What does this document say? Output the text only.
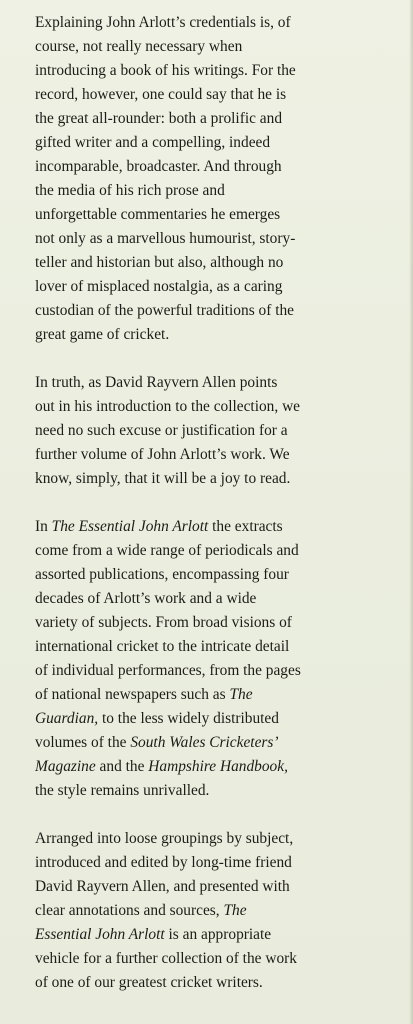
Explaining John Arlott’s credentials is, of
course, not really necessary when
introducing a book of his writings. For the
record, however, one could say that he is
the great all-rounder: both a prolific and
gifted writer and a compelling, indeed
incomparable, broadcaster. And through
the media of his rich prose and
unforgettable commentaries he emerges
not only as a marvellous humourist, story-
teller and historian but also, although no
lover of misplaced nostalgia, as a caring
custodian of the powerful traditions of the
great game of cricket.

In truth, as David Rayvern Allen points
out in his introduction to the collection, we
need no such excuse or justification for a
further volume of John Arlott’s work. We
know, simply, that it will be a joy to read.

In The Essential John Arlott the extracts
come from a wide range of periodicals and
assorted publications, encompassing four
decades of Arlott’s work and a wide
variety of subjects. From broad visions of
international cricket to the intricate detail
of individual performances, from the pages
of national newspapers such as The
Guardian, to the less widely distributed
volumes of the South Wales Cricketers’
Magazine and the Hampshire Handbook,
the style remains unrivalled.

Arranged into loose groupings by subject,
introduced and edited by long-time friend
David Rayvern Allen, and presented with
clear annotations and sources, The
Essential John Arlott is an appropriate
vehicle for a further collection of the work
of one of our greatest cricket writers.
